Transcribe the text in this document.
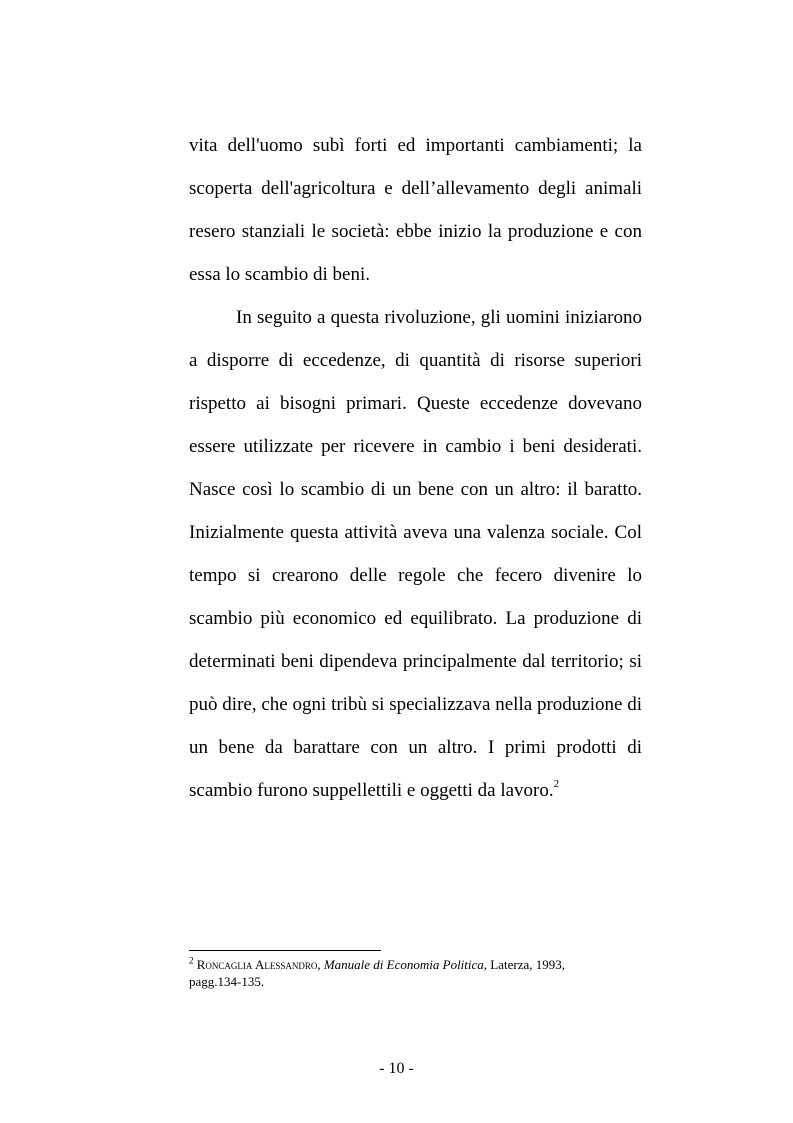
vita dell'uomo subì forti ed importanti cambiamenti; la scoperta dell'agricoltura e dell’allevamento degli animali resero stanziali le società: ebbe inizio la produzione e con essa lo scambio di beni.

In seguito a questa rivoluzione, gli uomini iniziarono a disporre di eccedenze, di quantità di risorse superiori rispetto ai bisogni primari. Queste eccedenze dovevano essere utilizzate per ricevere in cambio i beni desiderati. Nasce così lo scambio di un bene con un altro: il baratto. Inizialmente questa attività aveva una valenza sociale. Col tempo si crearono delle regole che fecero divenire lo scambio più economico ed equilibrato. La produzione di determinati beni dipendeva principalmente dal territorio; si può dire, che ogni tribù si specializzava nella produzione di un bene da barattare con un altro. I primi prodotti di scambio furono suppellettili e oggetti da lavoro.$^2$

$^2$ Roncaglia Alessandro, Manuale di Economia Politica, Laterza, 1993, pagg.134-135.
- 10 -
